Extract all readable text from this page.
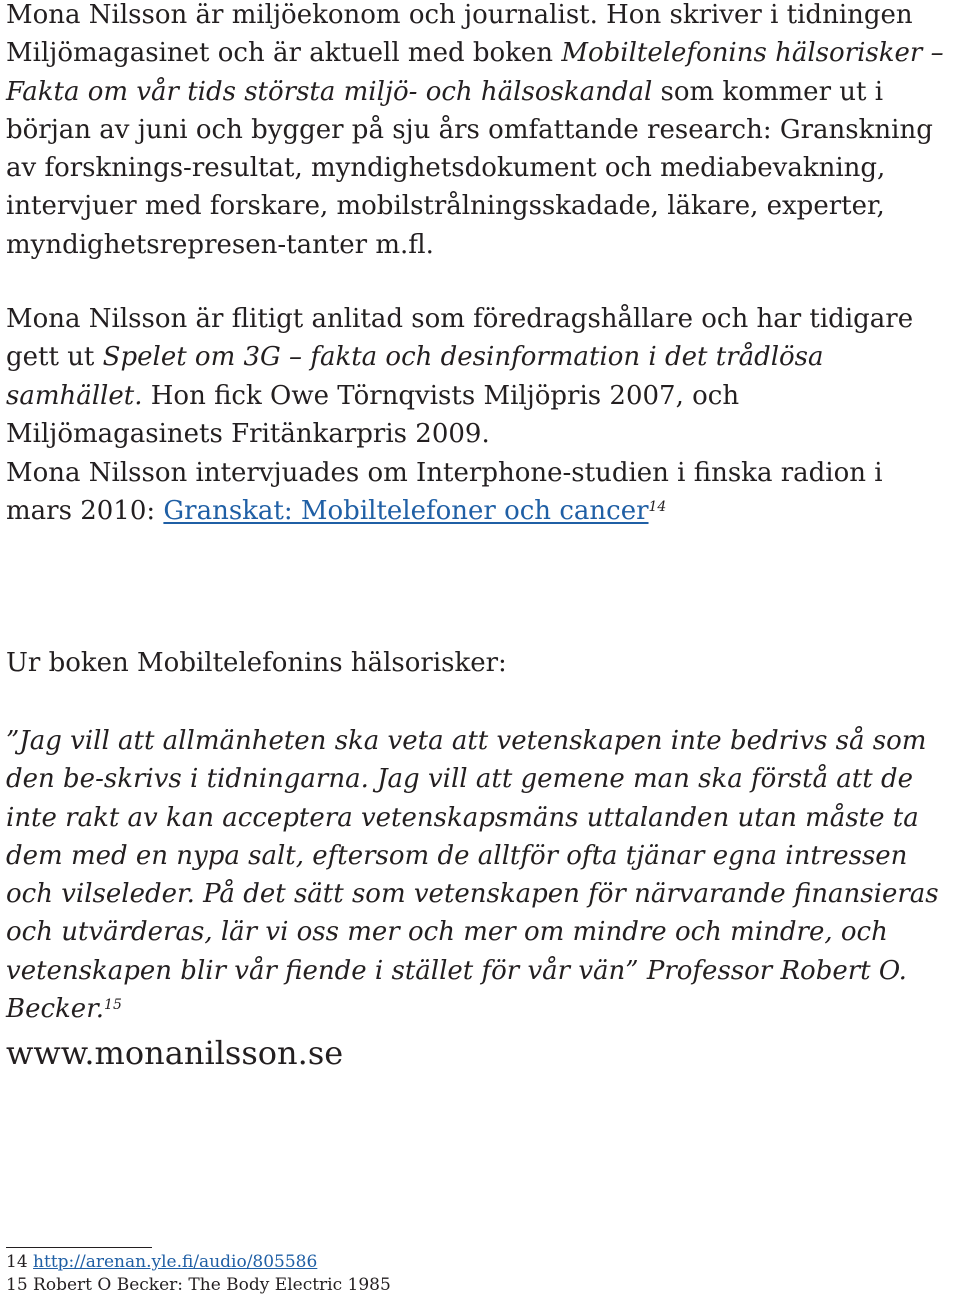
Mona Nilsson är miljöekonom och journalist. Hon skriver i tidningen Miljömagasinet och är aktuell med boken Mobiltelefonins hälsorisker – Fakta om vår tids största miljö- och hälsoskandal som kommer ut i början av juni och bygger på sju års omfattande research: Granskning av forsknings-resultat, myndighetsdokument och mediabevakning, intervjuer med forskare, mobilstrålningsskadade, läkare, experter, myndighetsrepresen-tanter m.fl.

Mona Nilsson är flitigt anlitad som föredragshållare och har tidigare gett ut Spelet om 3G – fakta och desinformation i det trådlösa samhället. Hon fick Owe Törnqvists Miljöpris 2007, och Miljömagasinets Fritänkarpris 2009.

Mona Nilsson intervjuades om Interphone-studien i finska radion i mars 2010: Granskat: Mobiltelefoner och cancer$^{14}$

Ur boken Mobiltelefonins hälsorisker:

”Jag vill att allmänheten ska veta att vetenskapen inte bedrivs så som den be-skrivs i tidningarna. Jag vill att gemene man ska förstå att de inte rakt av kan acceptera vetenskapsmäns uttalanden utan måste ta dem med en nypa salt, eftersom de alltför ofta tjänar egna intressen och vilseleder. På det sätt som vetenskapen för närvarande finansieras och utvärderas, lär vi oss mer och mer om mindre och mindre, och vetenskapen blir vår fiende i stället för vår vän” Professor Robert O. Becker.$^{15}$

www.monanilsson.se
14 http://arenan.yle.fi/audio/805586
15 Robert O Becker: The Body Electric 1985
